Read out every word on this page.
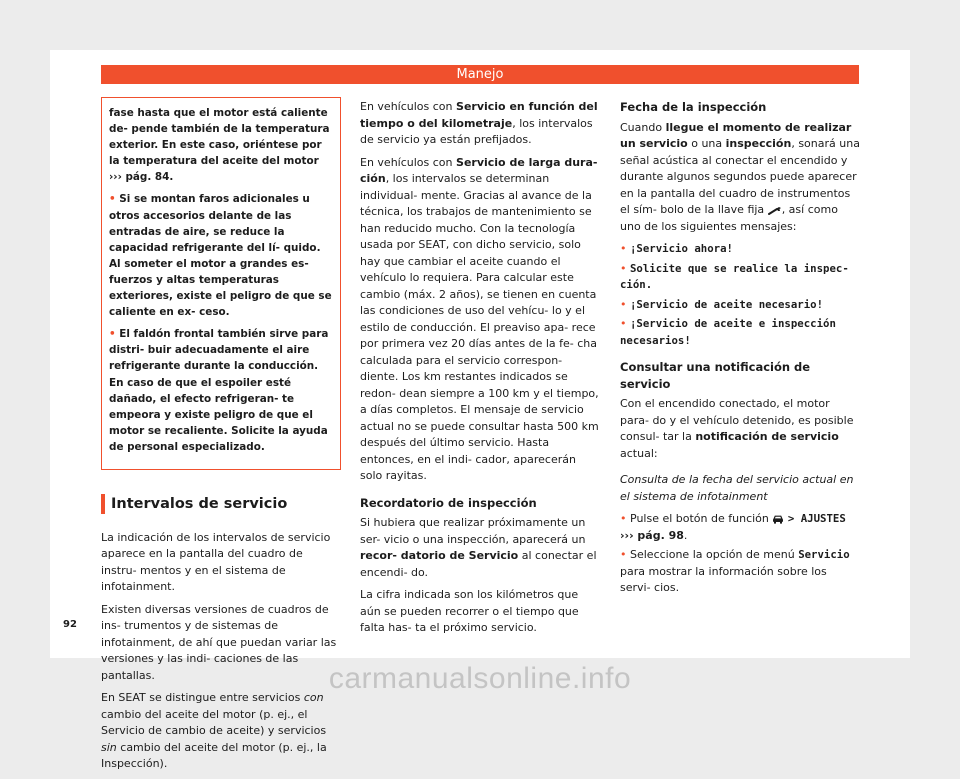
Manejo

fase hasta que el motor está caliente de- pende también de la temperatura exterior. En este caso, oriéntese por la temperatura del aceite del motor ››› pág. 84.

• Si se montan faros adicionales u otros accesorios delante de las entradas de aire, se reduce la capacidad refrigerante del lí- quido. Al someter el motor a grandes es- fuerzos y altas temperaturas exteriores, existe el peligro de que se caliente en ex- ceso.

• El faldón frontal también sirve para distri- buir adecuadamente el aire refrigerante durante la conducción. En caso de que el espoiler esté dañado, el efecto refrigeran- te empeora y existe peligro de que el motor se recaliente. Solicite la ayuda de personal especializado.

Intervalos de servicio

La indicación de los intervalos de servicio aparece en la pantalla del cuadro de instru- mentos y en el sistema de infotainment.

Existen diversas versiones de cuadros de ins- trumentos y de sistemas de infotainment, de ahí que puedan variar las versiones y las indi- caciones de las pantallas.

En SEAT se distingue entre servicios con cambio del aceite del motor (p. ej., el Servicio de cambio de aceite) y servicios sin cambio del aceite del motor (p. ej., la Inspección).

En vehículos con Servicio en función del tiempo o del kilometraje, los intervalos de servicio ya están prefijados.

En vehículos con Servicio de larga dura- ción, los intervalos se determinan individual- mente. Gracias al avance de la técnica, los trabajos de mantenimiento se han reducido mucho. Con la tecnología usada por SEAT, con dicho servicio, solo hay que cambiar el aceite cuando el vehículo lo requiera. Para calcular este cambio (máx. 2 años), se tienen en cuenta las condiciones de uso del vehícu- lo y el estilo de conducción. El preaviso apa- rece por primera vez 20 días antes de la fe- cha calculada para el servicio correspon- diente. Los km restantes indicados se redon- dean siempre a 100 km y el tiempo, a días completos. El mensaje de servicio actual no se puede consultar hasta 500 km después del último servicio. Hasta entonces, en el indi- cador, aparecerán solo rayitas.

Recordatorio de inspección

Si hubiera que realizar próximamente un ser- vicio o una inspección, aparecerá un recor- datorio de Servicio al conectar el encendi- do.

La cifra indicada son los kilómetros que aún se pueden recorrer o el tiempo que falta has- ta el próximo servicio.

Fecha de la inspección

Cuando llegue el momento de realizar un servicio o una inspección, sonará una señal acústica al conectar el encendido y durante algunos segundos puede aparecer en la pantalla del cuadro de instrumentos el sím- bolo de la llave fija , así como uno de los siguientes mensajes:

• ¡Servicio ahora!

• Solicite que se realice la inspec- ción.

• ¡Servicio de aceite necesario!

• ¡Servicio de aceite e inspección necesarios!

Consultar una notificación de servicio

Con el encendido conectado, el motor para- do y el vehículo detenido, es posible consul- tar la notificación de servicio actual:

Consulta de la fecha del servicio actual en el sistema de infotainment

• Pulse el botón de función > AJUSTES ››› pág. 98.

• Seleccione la opción de menú Servicio para mostrar la información sobre los servi- cios.

92
carmanualsonline.info
